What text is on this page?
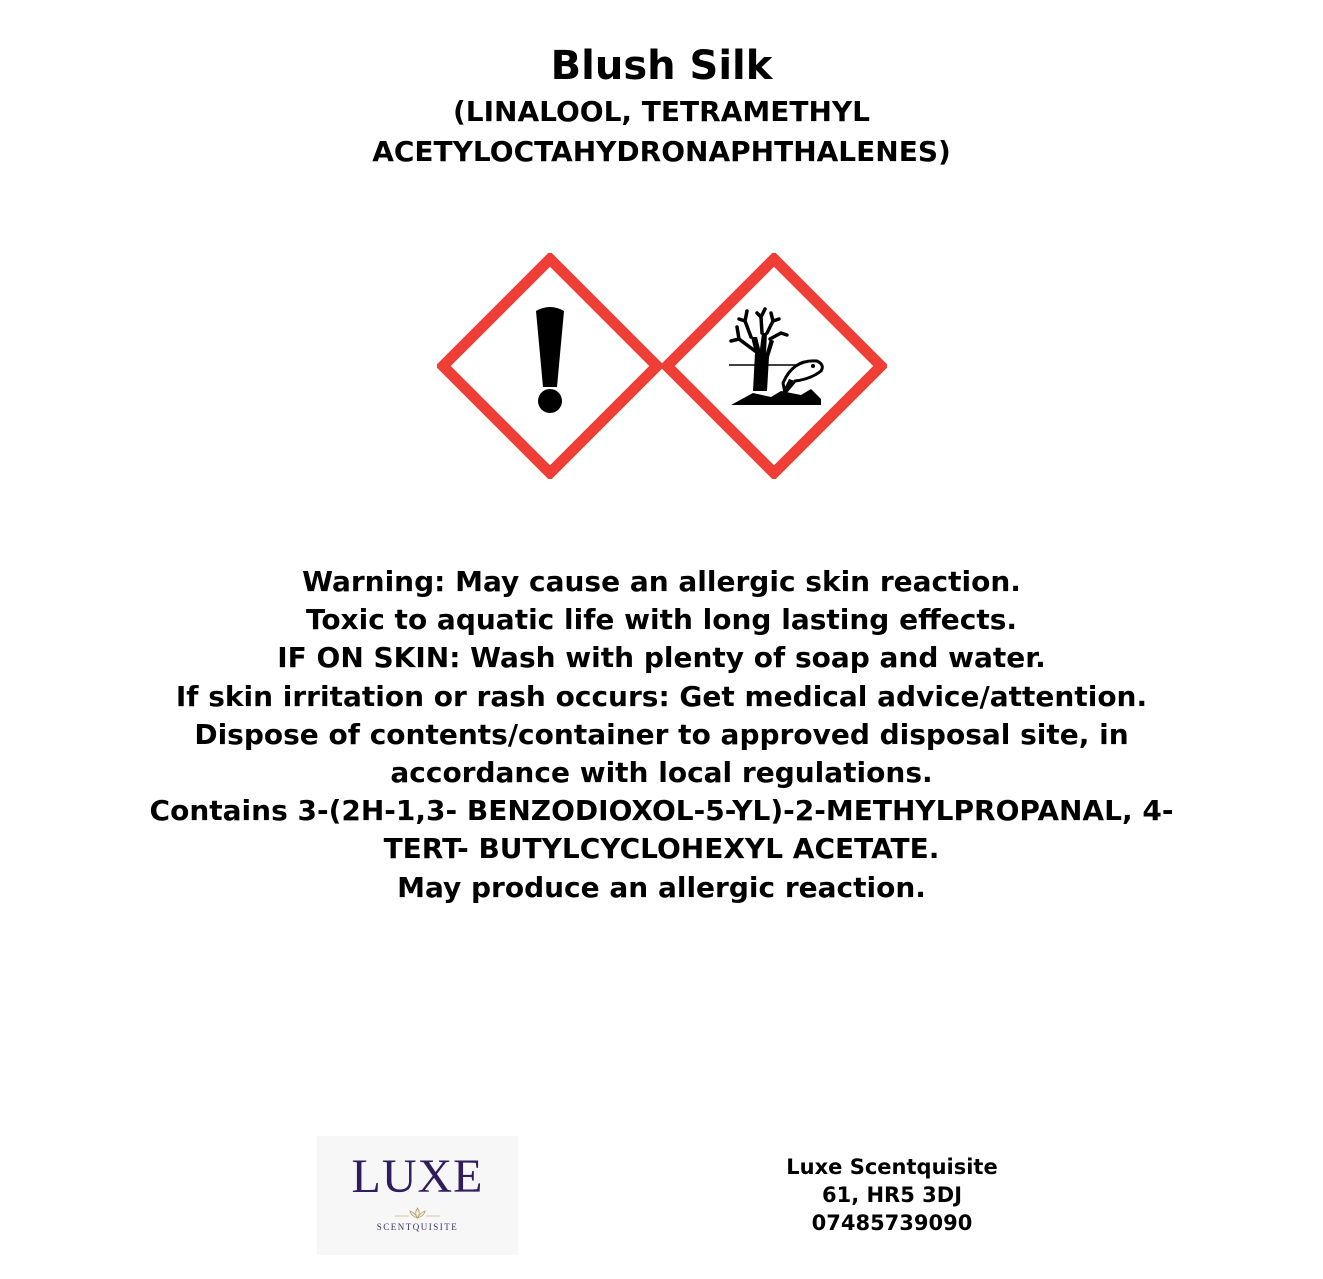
Blush Silk
(LINALOOL, TETRAMETHYL
ACETYLOCTAHYDRONAPHTHALENES)
Warning: May cause an allergic skin reaction.
Toxic to aquatic life with long lasting effects.
IF ON SKIN: Wash with plenty of soap and water.
If skin irritation or rash occurs: Get medical advice/attention.
Dispose of contents/container to approved disposal site, in
accordance with local regulations.
Contains 3-(2H-1,3- BENZODIOXOL-5-YL)-2-METHYLPROPANAL, 4-
TERT- BUTYLCYCLOHEXYL ACETATE.
May produce an allergic reaction.
LUXE
SCENTQUISITE
Luxe Scentquisite
61, HR5 3DJ
07485739090
